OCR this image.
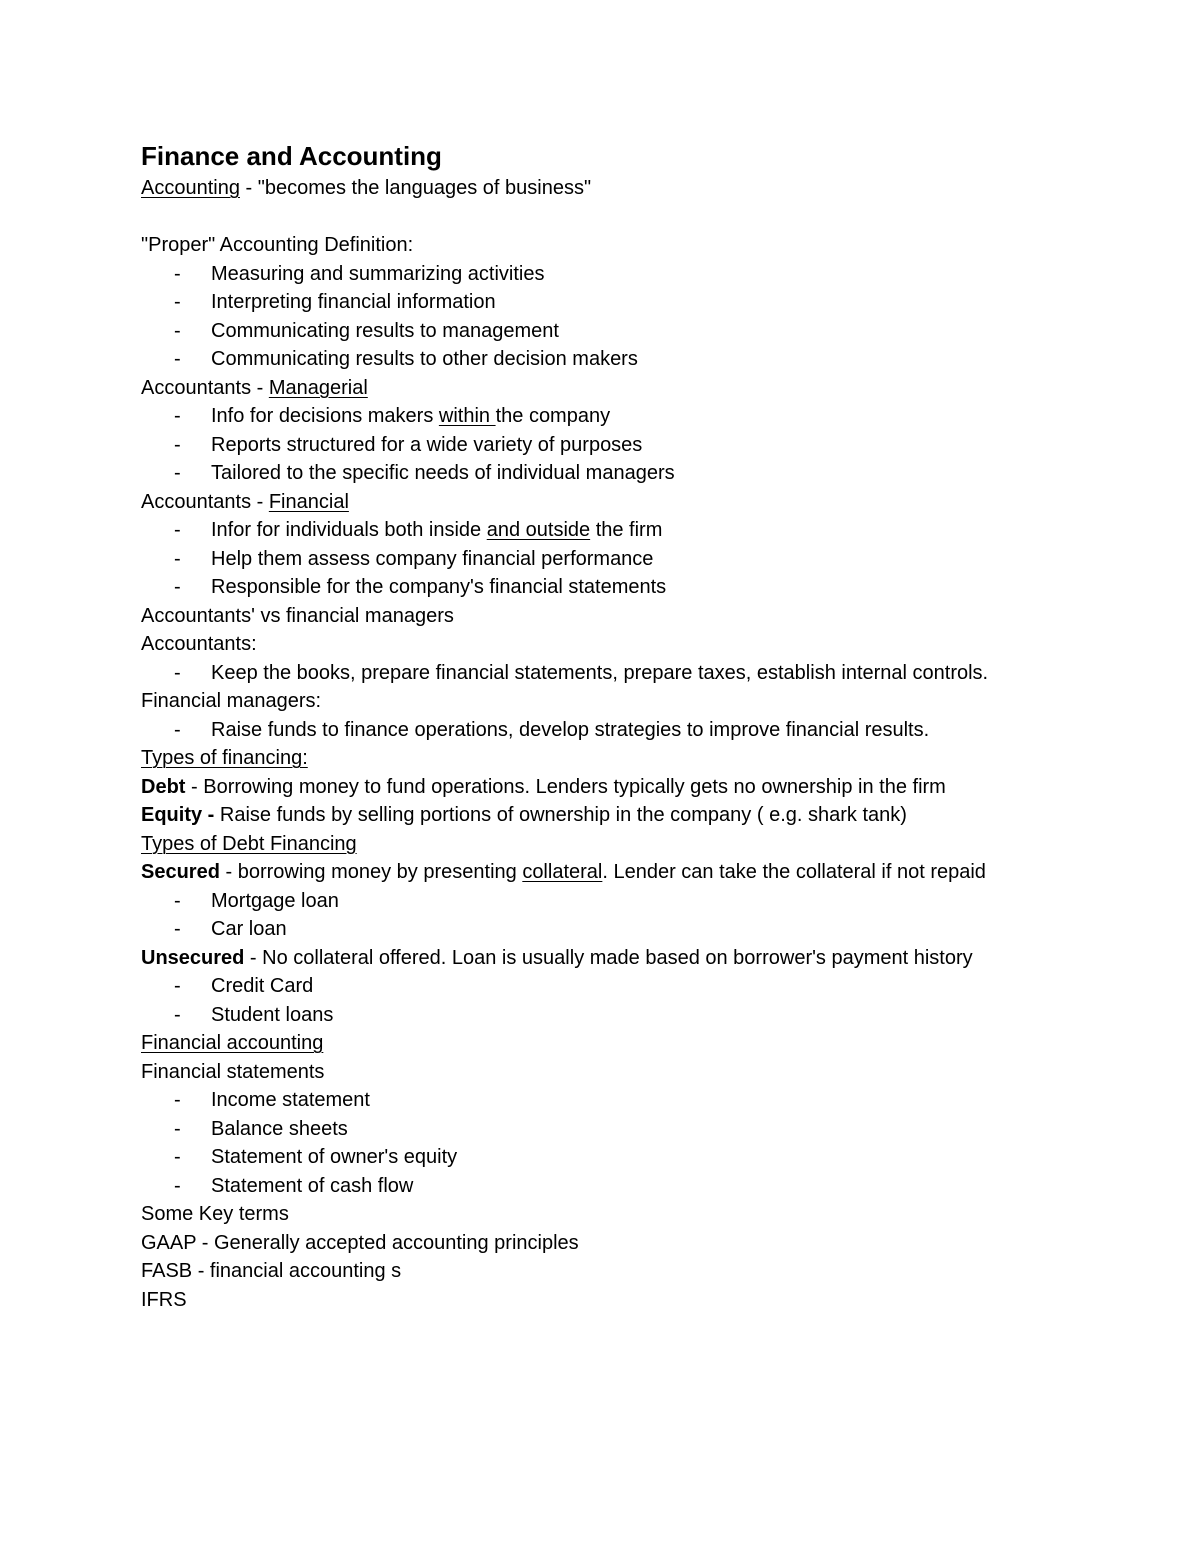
Finance and Accounting
Accounting - "becomes the languages of business"
"Proper" Accounting Definition:
- Measuring and summarizing activities
- Interpreting financial information
- Communicating results to management
- Communicating results to other decision makers
Accountants - Managerial
- Info for decisions makers within the company
- Reports structured for a wide variety of purposes
- Tailored to the specific needs of individual managers
Accountants - Financial
- Infor for individuals both inside and outside the firm
- Help them assess company financial performance
- Responsible for the company's financial statements
Accountants' vs financial managers
Accountants:
- Keep the books, prepare financial statements, prepare taxes, establish internal controls.
Financial managers:
- Raise funds to finance operations, develop strategies to improve financial results.
Types of financing:
Debt - Borrowing money to fund operations. Lenders typically gets no ownership in the firm
Equity - Raise funds by selling portions of ownership in the company ( e.g. shark tank)
Types of Debt Financing
Secured - borrowing money by presenting collateral. Lender can take the collateral if not repaid
- Mortgage loan
- Car loan
Unsecured - No collateral offered. Loan is usually made based on borrower's payment history
- Credit Card
- Student loans
Financial accounting
Financial statements
- Income statement
- Balance sheets
- Statement of owner's equity
- Statement of cash flow
Some Key terms
GAAP - Generally accepted accounting principles
FASB - financial accounting s
IFRS
